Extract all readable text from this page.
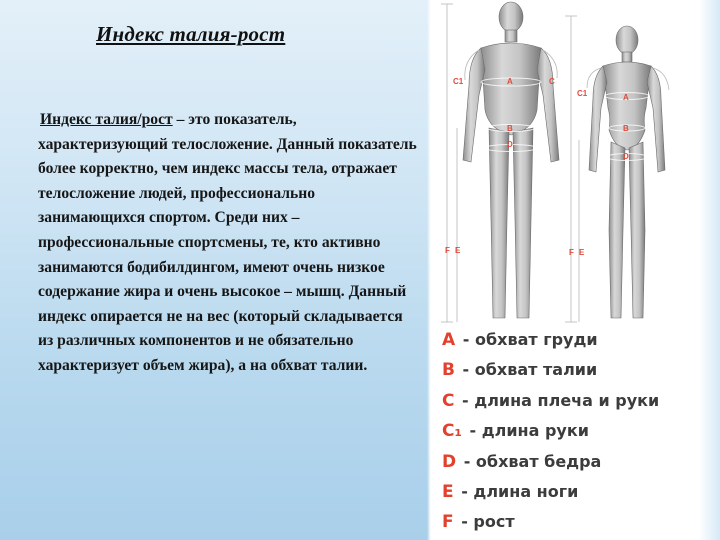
Индекс талия-рост

Индекс талия/рост – это показатель, характеризующий телосложение. Данный показатель более корректно, чем индекс массы тела, отражает телосложение людей, профессионально занимающихся спортом. Среди них – профессиональные спортсмены, те, кто активно занимаются бодибилдингом, имеют очень низкое содержание жира и очень высокое – мышц. Данный индекс опирается не на вес (который складывается из различных компонентов и не обязательно характеризует объем жира), а на обхват талии.

A
B
D
C
C1
F E
A
B
D
C1
F E
A - обхват груди
B - обхват талии
C - длина плеча и руки
C₁ - длина руки
D - обхват бедра
E - длина ноги
F - рост
